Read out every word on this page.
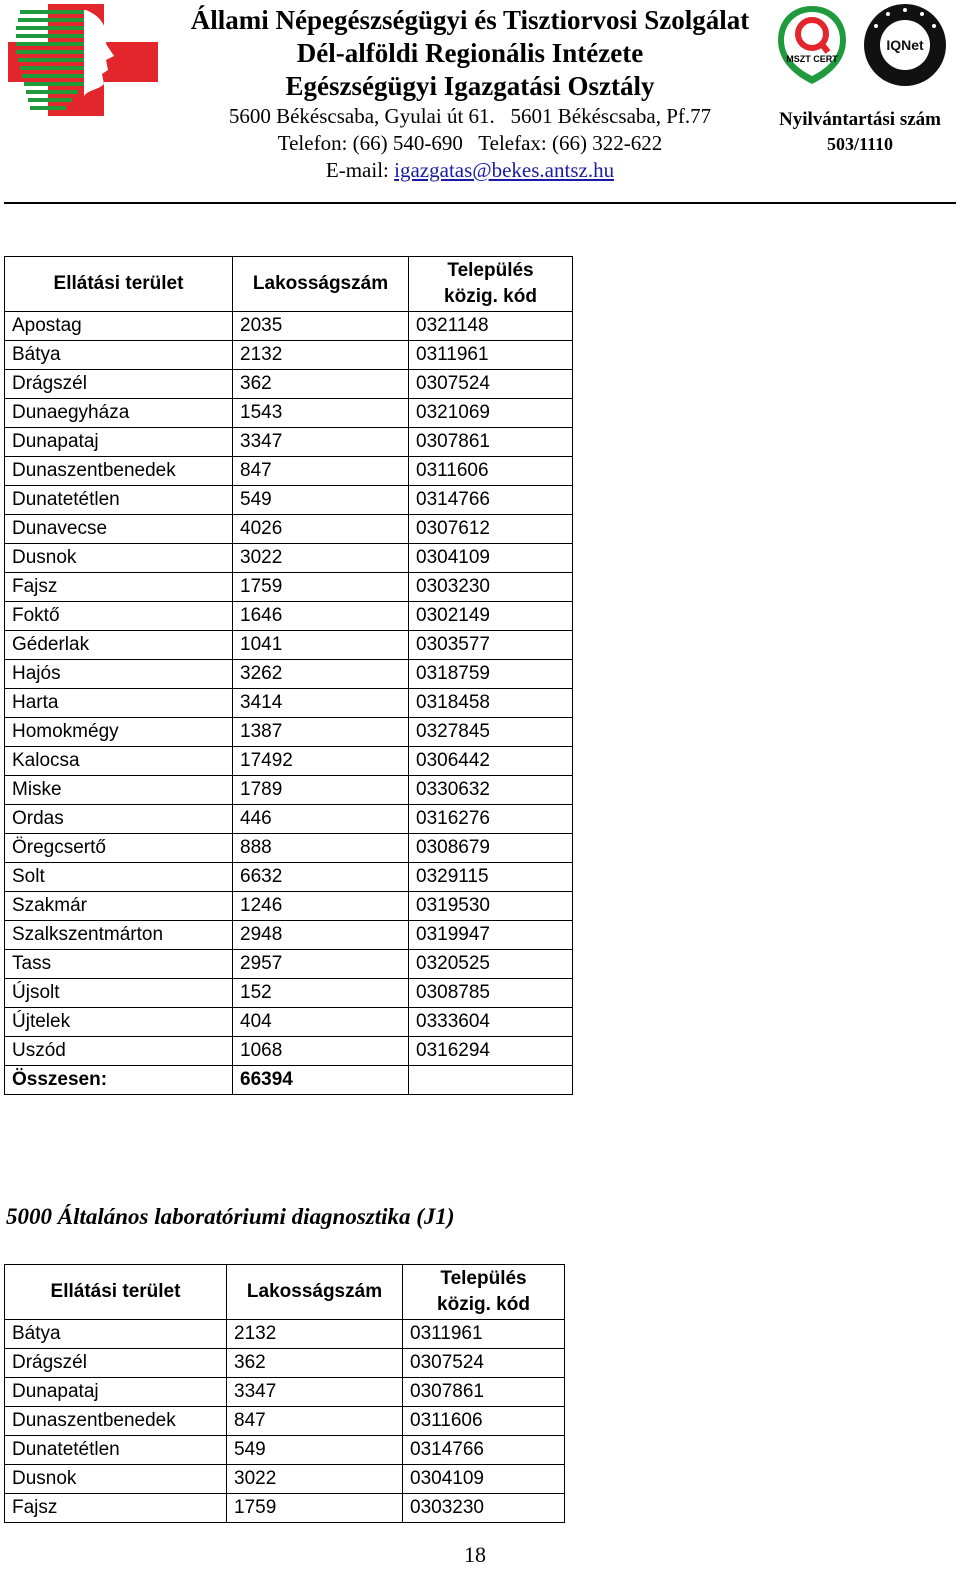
Állami Népegészségügyi és Tisztiorvosi Szolgálat
Dél-alföldi Regionális Intézete
Egészségügyi Igazgatási Osztály
5600 Békéscsaba, Gyulai út 61.   5601 Békéscsaba, Pf.77
Telefon: (66) 540-690   Telefax: (66) 322-622
E-mail: igazgatas@bekes.antsz.hu
MSZT CERT
IQNet
Nyilvántartási szám
503/1110
Ellátási terület	Lakosságszám	Település
közig. kód
Apostag	2035	0321148
Bátya	2132	0311961
Drágszél	362	0307524
Dunaegyháza	1543	0321069
Dunapataj	3347	0307861
Dunaszentbenedek	847	0311606
Dunatetétlen	549	0314766
Dunavecse	4026	0307612
Dusnok	3022	0304109
Fajsz	1759	0303230
Foktő	1646	0302149
Géderlak	1041	0303577
Hajós	3262	0318759
Harta	3414	0318458
Homokmégy	1387	0327845
Kalocsa	17492	0306442
Miske	1789	0330632
Ordas	446	0316276
Öregcsertő	888	0308679
Solt	6632	0329115
Szakmár	1246	0319530
Szalkszentmárton	2948	0319947
Tass	2957	0320525
Újsolt	152	0308785
Újtelek	404	0333604
Uszód	1068	0316294
Összesen:	66394	
5000 Általános laboratóriumi diagnosztika (J1)
Ellátási terület	Lakosságszám	Település
közig. kód
Bátya	2132	0311961
Drágszél	362	0307524
Dunapataj	3347	0307861
Dunaszentbenedek	847	0311606
Dunatetétlen	549	0314766
Dusnok	3022	0304109
Fajsz	1759	0303230
18
